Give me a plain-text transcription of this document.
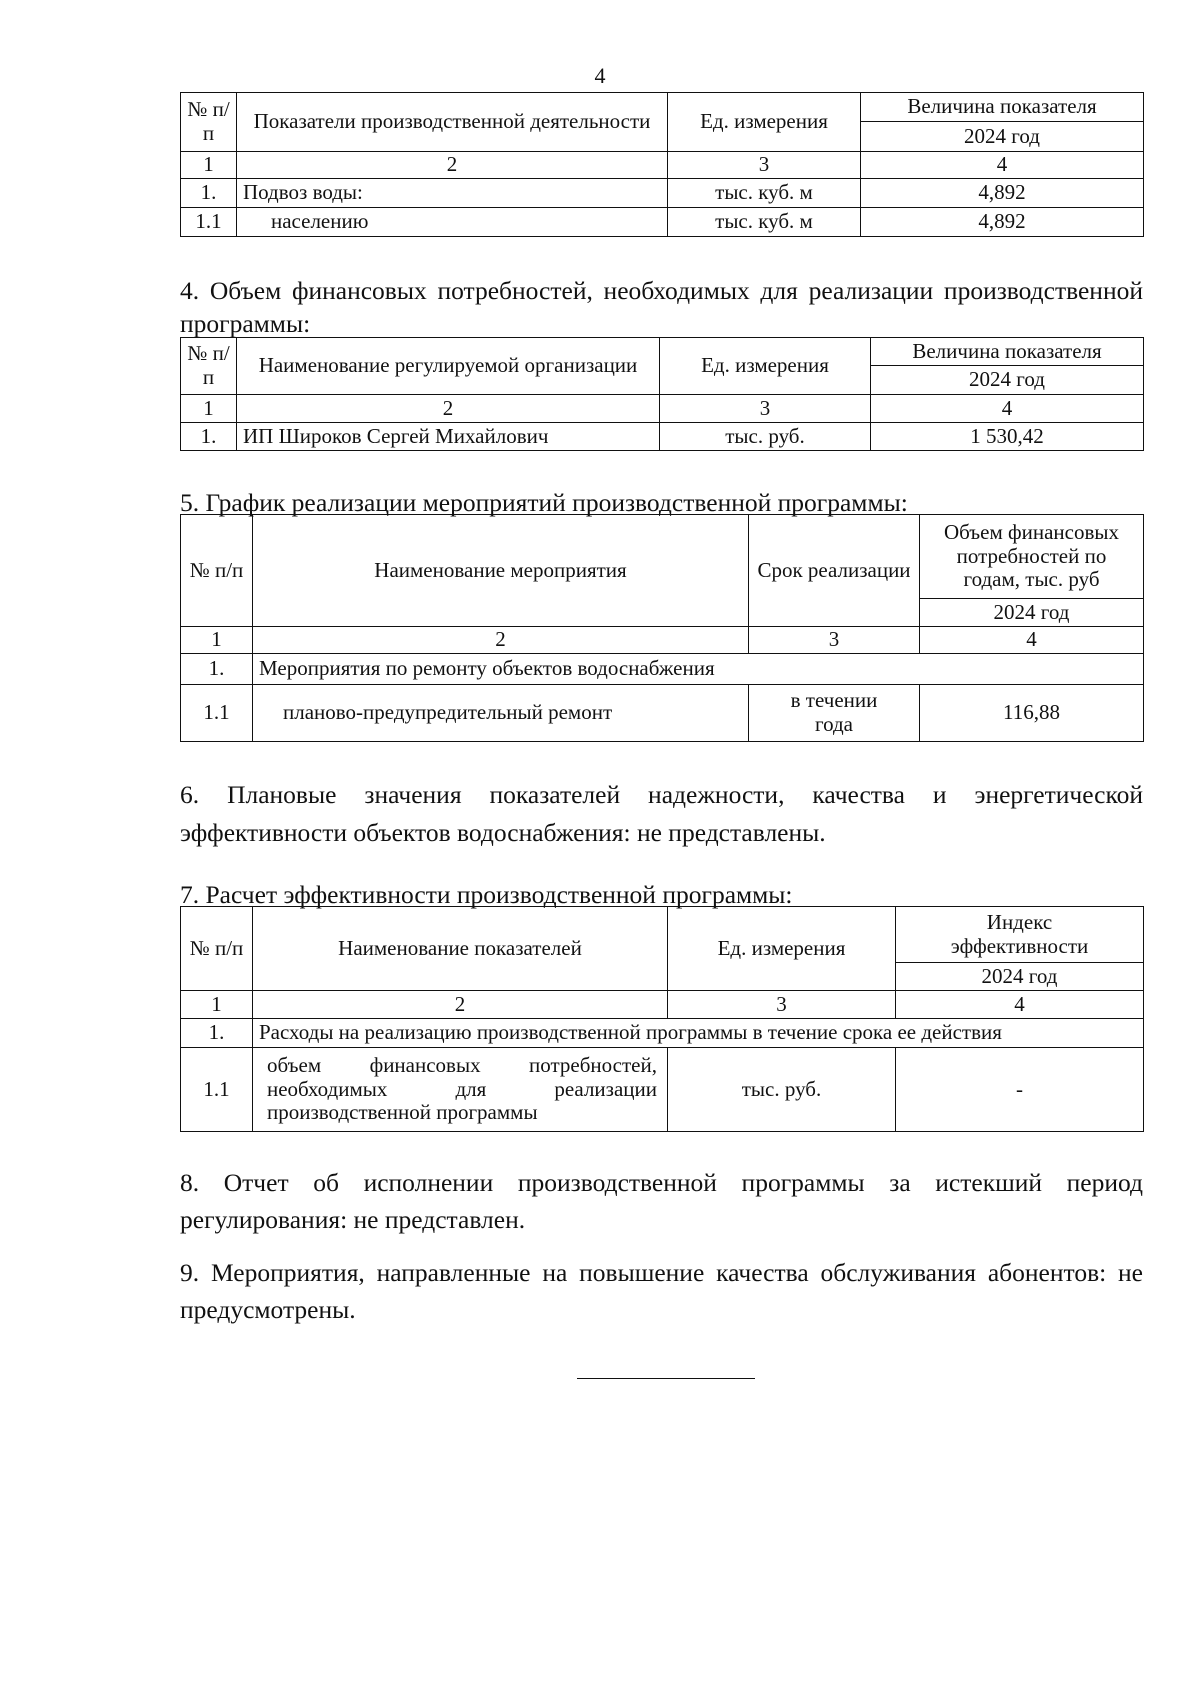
4
№ п/п	Показатели производственной деятельности	Ед. измерения	Величина показателя
			2024 год
1	2	3	4
1.	Подвоз воды:	тыс. куб. м	4,892
1.1	населению	тыс. куб. м	4,892

4. Объем финансовых потребностей, необходимых для реализации производственной программы:

№ п/п	Наименование регулируемой организации	Ед. измерения	Величина показателя
			2024 год
1	2	3	4
1.	ИП Широков Сергей Михайлович	тыс. руб.	1 530,42

5. График реализации мероприятий производственной программы:

№ п/п	Наименование мероприятия	Срок реализации	Объем финансовых потребностей по годам, тыс. руб
			2024 год
1	2	3	4
1.	Мероприятия по ремонту объектов водоснабжения		
1.1	планово-предупредительный ремонт	в течении года	116,88

6. Плановые значения показателей надежности, качества и энергетической эффективности объектов водоснабжения: не представлены.

7. Расчет эффективности производственной программы:

№ п/п	Наименование показателей	Ед. измерения	Индекс эффективности
			2024 год
1	2	3	4
1.	Расходы на реализацию производственной программы в течение срока ее действия		
1.1	объем финансовых потребностей, необходимых для реализации производственной программы	тыс. руб.	-

8. Отчет об исполнении производственной программы за истекший период регулирования: не представлен.

9. Мероприятия, направленные на повышение качества обслуживания абонентов: не предусмотрены.
